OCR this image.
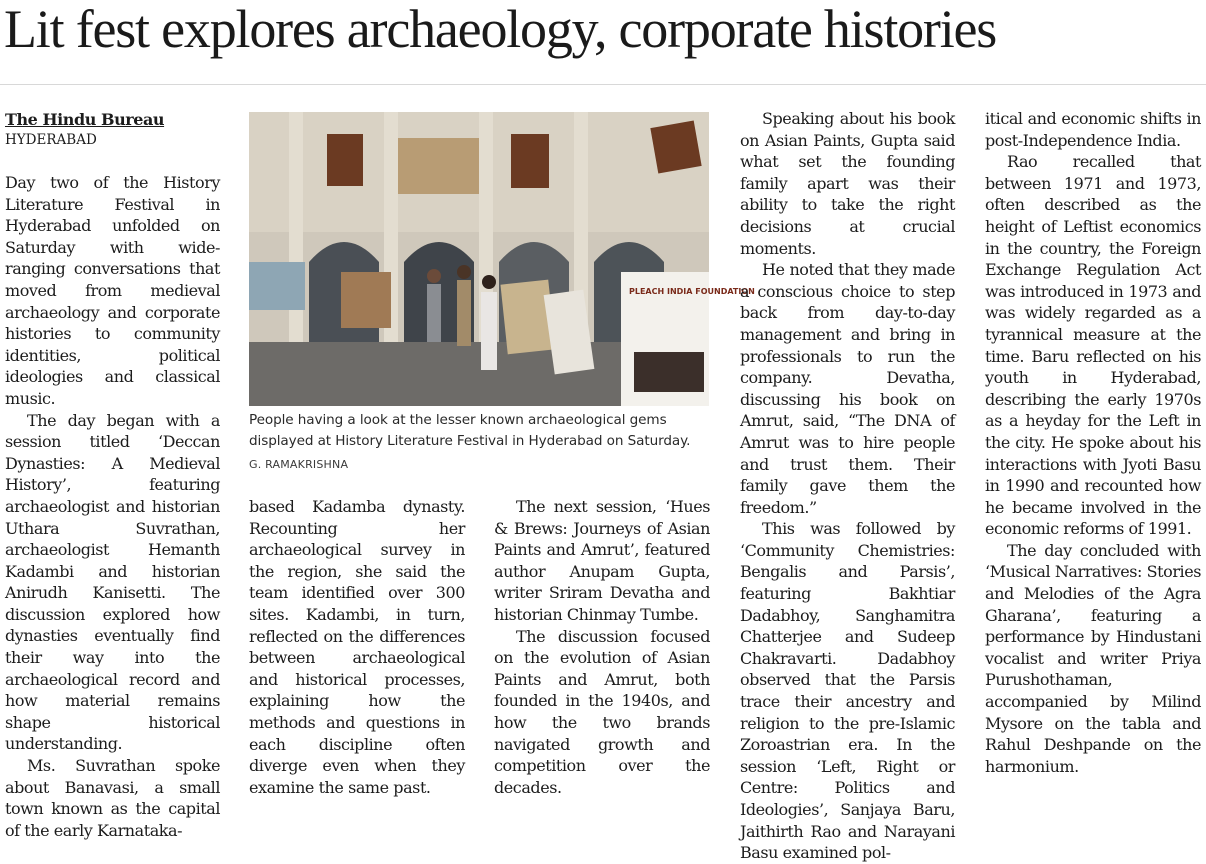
Lit fest explores archaeology, corporate histories

The Hindu Bureau

HYDERABAD

Day two of the History Literature Festival in Hyderabad unfolded on Saturday with wide-ranging conversations that moved from medieval archaeology and corporate histories to community identities, political ideologies and classical music.

The day began with a session titled ‘Deccan Dynasties: A Medieval History’, featuring archaeologist and historian Uthara Suvrathan, archaeologist Hemanth Kadambi and historian Anirudh Kanisetti. The discussion explored how dynasties eventually find their way into the archaeological record and how material remains shape historical understanding.

Ms. Suvrathan spoke about Banavasi, a small town known as the capital of the early Karnataka-

PLEACH INDIA FOUNDATION
People having a look at the lesser known archaeological gems displayed at History Literature Festival in Hyderabad on Saturday.
G. RAMAKRISHNA

based Kadamba dynasty. Recounting her archaeological survey in the region, she said the team identified over 300 sites. Kadambi, in turn, reflected on the differences between archaeological and historical processes, explaining how the methods and questions in each discipline often diverge even when they examine the same past.

The next session, ‘Hues & Brews: Journeys of Asian Paints and Amrut’, featured author Anupam Gupta, writer Sriram Devatha and historian Chinmay Tumbe.

The discussion focused on the evolution of Asian Paints and Amrut, both founded in the 1940s, and how the two brands navigated growth and competition over the decades.

Speaking about his book on Asian Paints, Gupta said what set the founding family apart was their ability to take the right decisions at crucial moments.

He noted that they made a conscious choice to step back from day-to-day management and bring in professionals to run the company. Devatha, discussing his book on Amrut, said, “The DNA of Amrut was to hire people and trust them. Their family gave them the freedom.”

This was followed by ‘Community Chemistries: Bengalis and Parsis’, featuring Bakhtiar Dadabhoy, Sanghamitra Chatterjee and Sudeep Chakravarti. Dadabhoy observed that the Parsis trace their ancestry and religion to the pre-Islamic Zoroastrian era. In the session ‘Left, Right or Centre: Politics and Ideologies’, Sanjaya Baru, Jaithirth Rao and Narayani Basu examined pol-

itical and economic shifts in post-Independence India.

Rao recalled that between 1971 and 1973, often described as the height of Leftist economics in the country, the Foreign Exchange Regulation Act was introduced in 1973 and was widely regarded as a tyrannical measure at the time. Baru reflected on his youth in Hyderabad, describing the early 1970s as a heyday for the Left in the city. He spoke about his interactions with Jyoti Basu in 1990 and recounted how he became involved in the economic reforms of 1991.

The day concluded with ‘Musical Narratives: Stories and Melodies of the Agra Gharana’, featuring a performance by Hindustani vocalist and writer Priya Purushothaman, accompanied by Milind Mysore on the tabla and Rahul Deshpande on the harmonium.
